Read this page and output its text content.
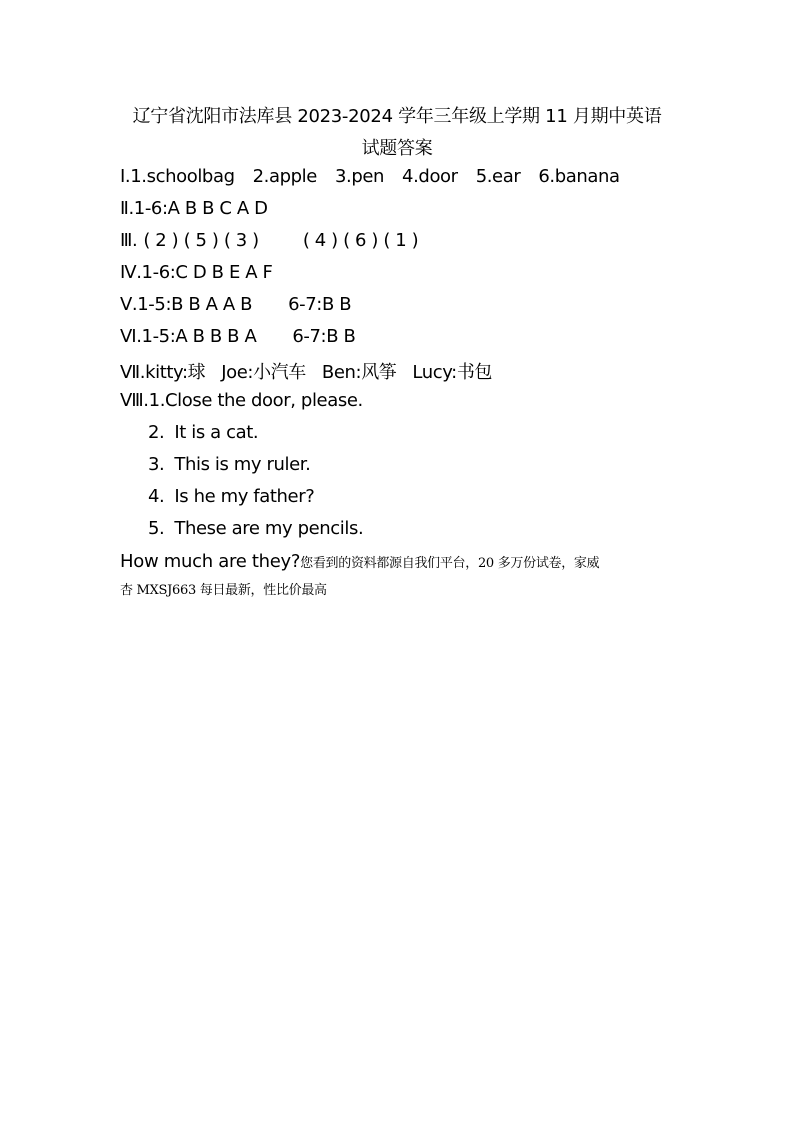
辽宁省沈阳市法库县 2023-2024 学年三年级上学期 11 月期中英语
试题答案
Ⅰ.1.schoolbag 2.apple 3.pen 4.door 5.ear 6.banana
Ⅱ.1-6:A B B C A D
Ⅲ. ( 2 ) ( 5 ) ( 3 ) ( 4 ) ( 6 ) ( 1 )
Ⅳ.1-6:C D B E A F
Ⅴ.1-5:B B A A B 6-7:B B
Ⅵ.1-5:A B B B A 6-7:B B
Ⅶ.kitty:球 Joe:小汽车 Ben:风筝 Lucy:书包
Ⅷ.1.Close the door, please.
2. It is a cat.
3. This is my ruler.
4. Is he my father?
5. These are my pencils.
How much are they?您看到的资料都源自我们平台，20 多万份试卷，家威
杏 MXSJ663 每日最新，性比价最高
